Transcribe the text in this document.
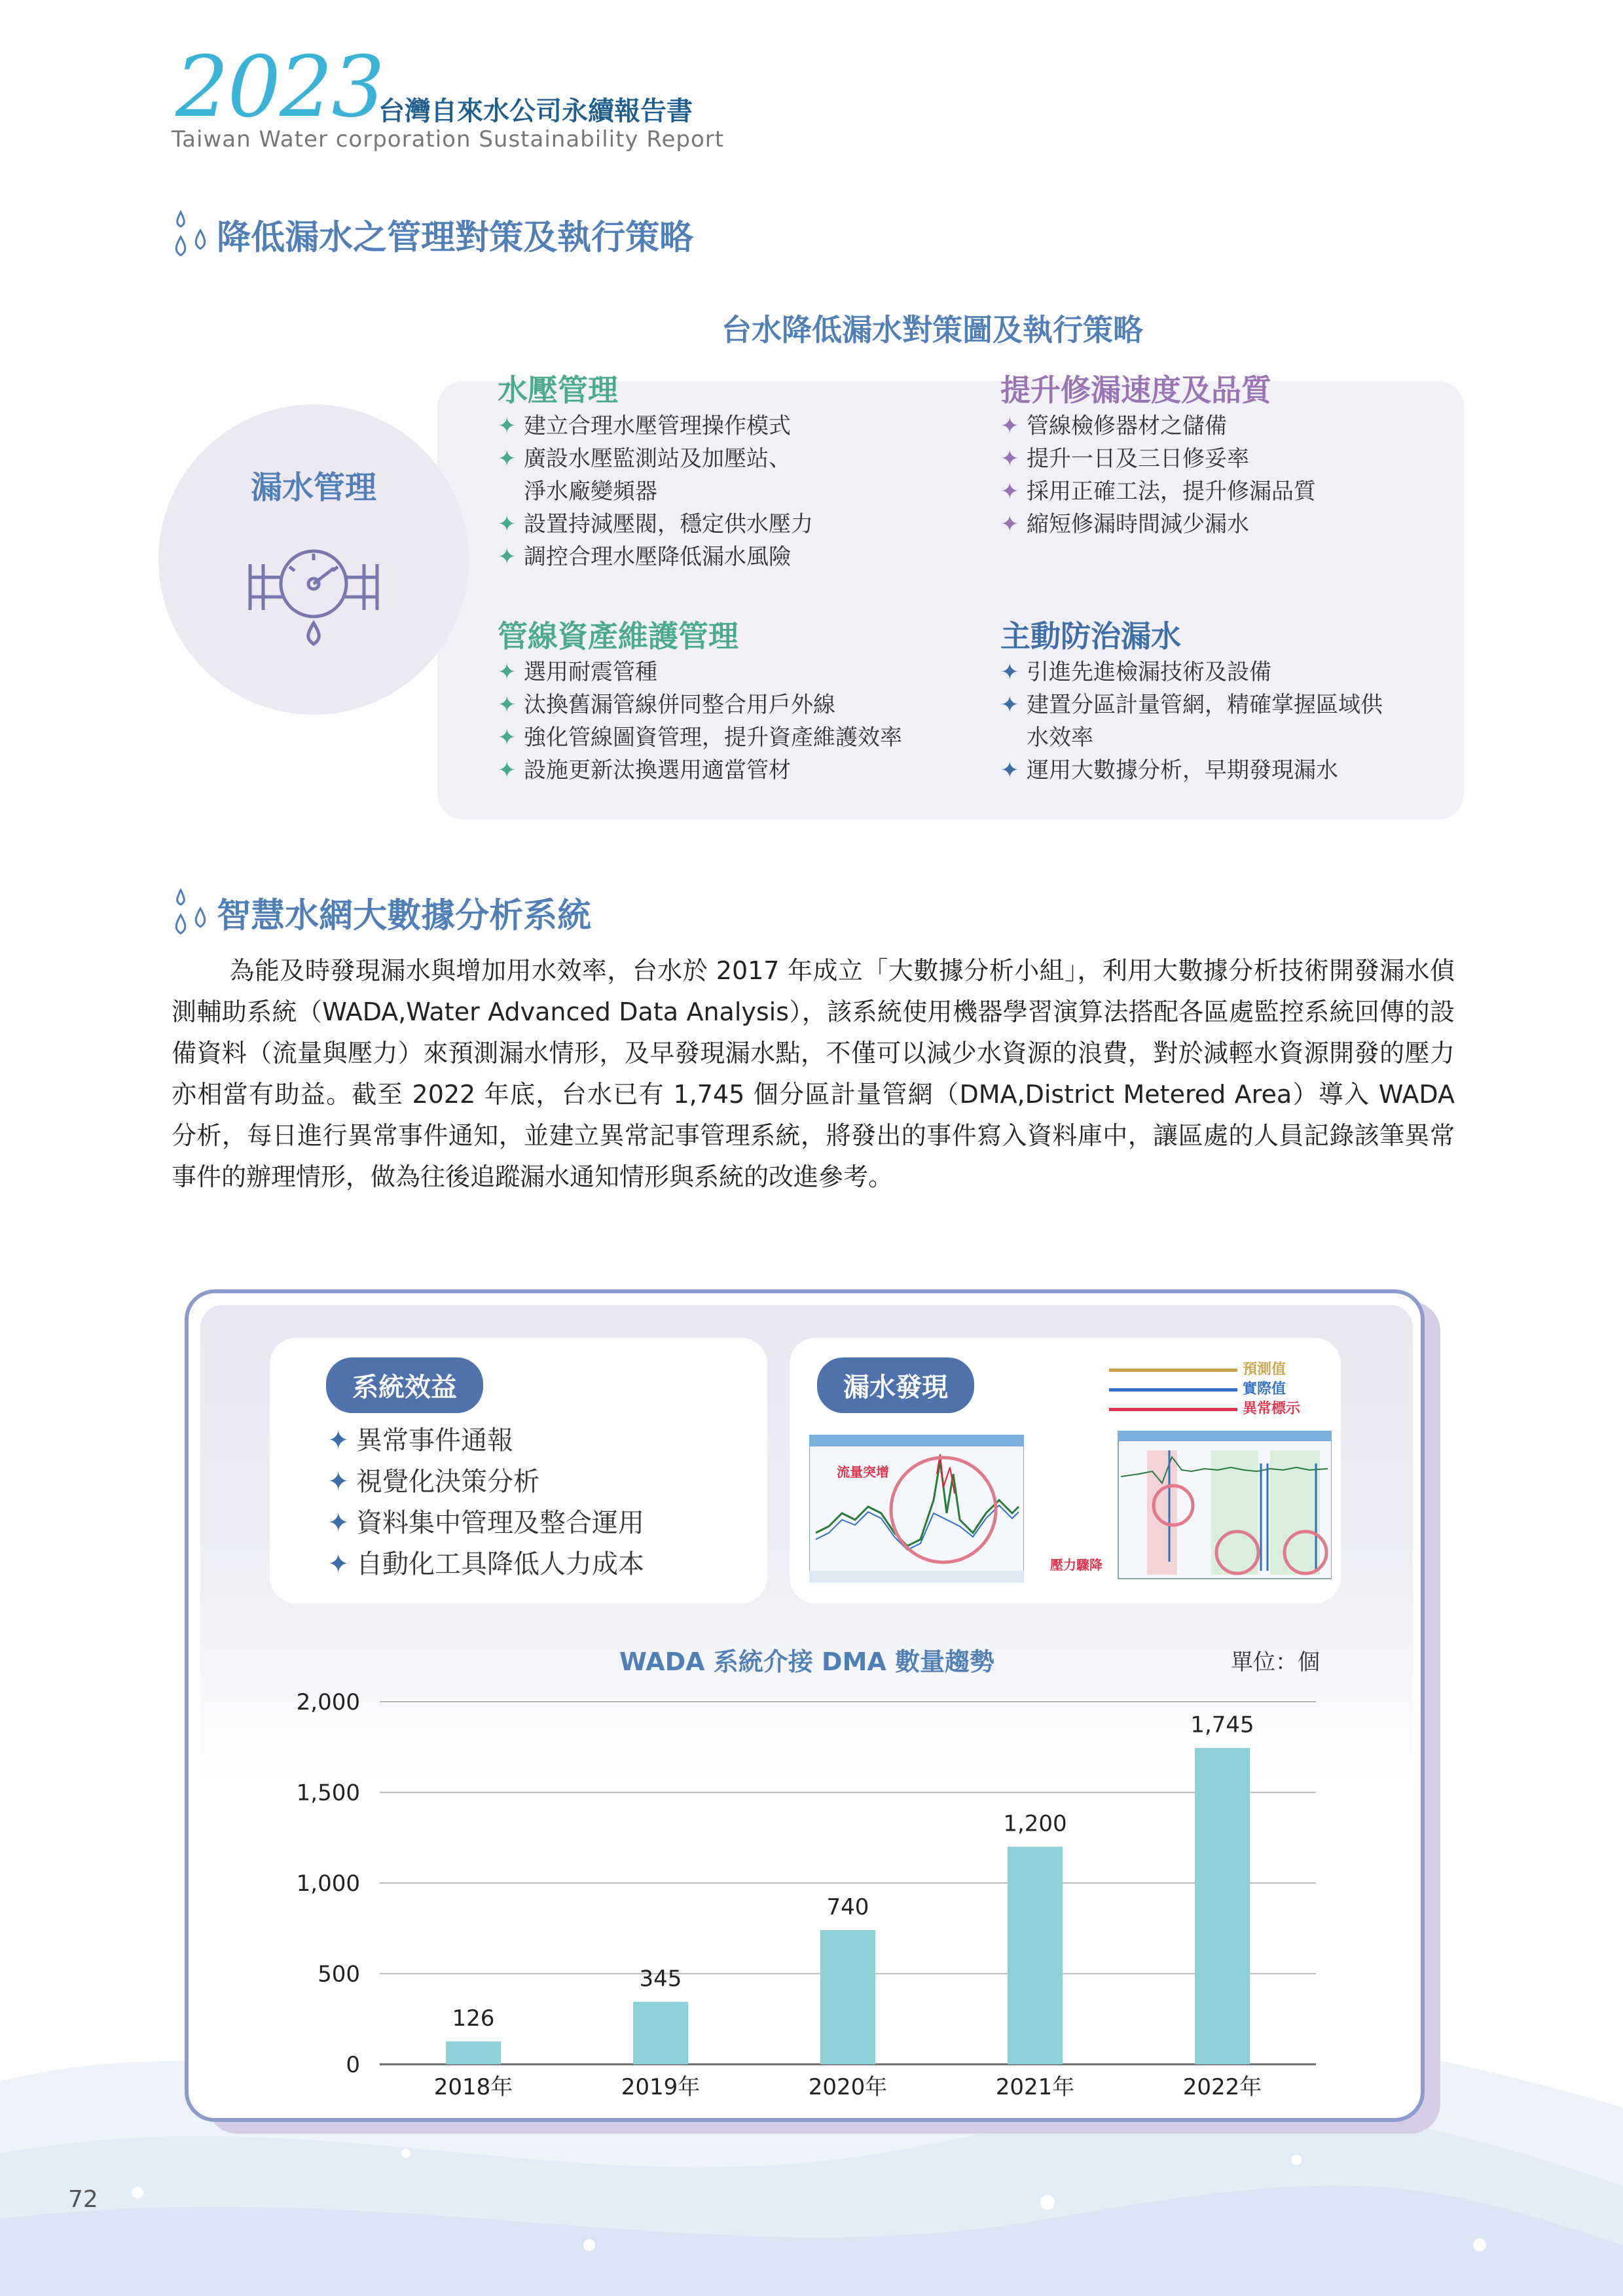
2023
台灣自來水公司永續報告書
Taiwan Water corporation Sustainability Report
降低漏水之管理對策及執行策略
台水降低漏水對策圖及執行策略
漏水管理
水壓管理
✦ 建立合理水壓管理操作模式
✦ 廣設水壓監測站及加壓站、
淨水廠變頻器
✦ 設置持減壓閥，穩定供水壓力
✦ 調控合理水壓降低漏水風險
提升修漏速度及品質
✦ 管線檢修器材之儲備
✦ 提升一日及三日修妥率
✦ 採用正確工法，提升修漏品質
✦ 縮短修漏時間減少漏水
管線資產維護管理
✦ 選用耐震管種
✦ 汰換舊漏管線併同整合用戶外線
✦ 強化管線圖資管理，提升資產維護效率
✦ 設施更新汰換選用適當管材
主動防治漏水
✦ 引進先進檢漏技術及設備
✦ 建置分區計量管網，精確掌握區域供
水效率
✦ 運用大數據分析，早期發現漏水
智慧水網大數據分析系統
為能及時發現漏水與增加用水效率，台水於 2017 年成立「大數據分析小組」，利用大數據分析技術開發漏水偵測輔助系統（WADA,Water Advanced Data Analysis），該系統使用機器學習演算法搭配各區處監控系統回傳的設備資料（流量與壓力）來預測漏水情形，及早發現漏水點，不僅可以減少水資源的浪費，對於減輕水資源開發的壓力亦相當有助益。截至 2022 年底，台水已有 1,745 個分區計量管網（DMA,District Metered Area）導入 WADA 分析，每日進行異常事件通知，並建立異常記事管理系統，將發出的事件寫入資料庫中，讓區處的人員記錄該筆異常事件的辦理情形，做為往後追蹤漏水通知情形與系統的改進參考。
系統效益
✦ 異常事件通報
✦ 視覺化決策分析
✦ 資料集中管理及整合運用
✦ 自動化工具降低人力成本
漏水發現
預測值
實際值
異常標示
流量突增
壓力驟降
WADA 系統介接 DMA 數量趨勢	單位：個
0
500
1,000
1,500
2,000
126
2018年
345
2019年
740
2020年
1,200
2021年
1,745
2022年
72
